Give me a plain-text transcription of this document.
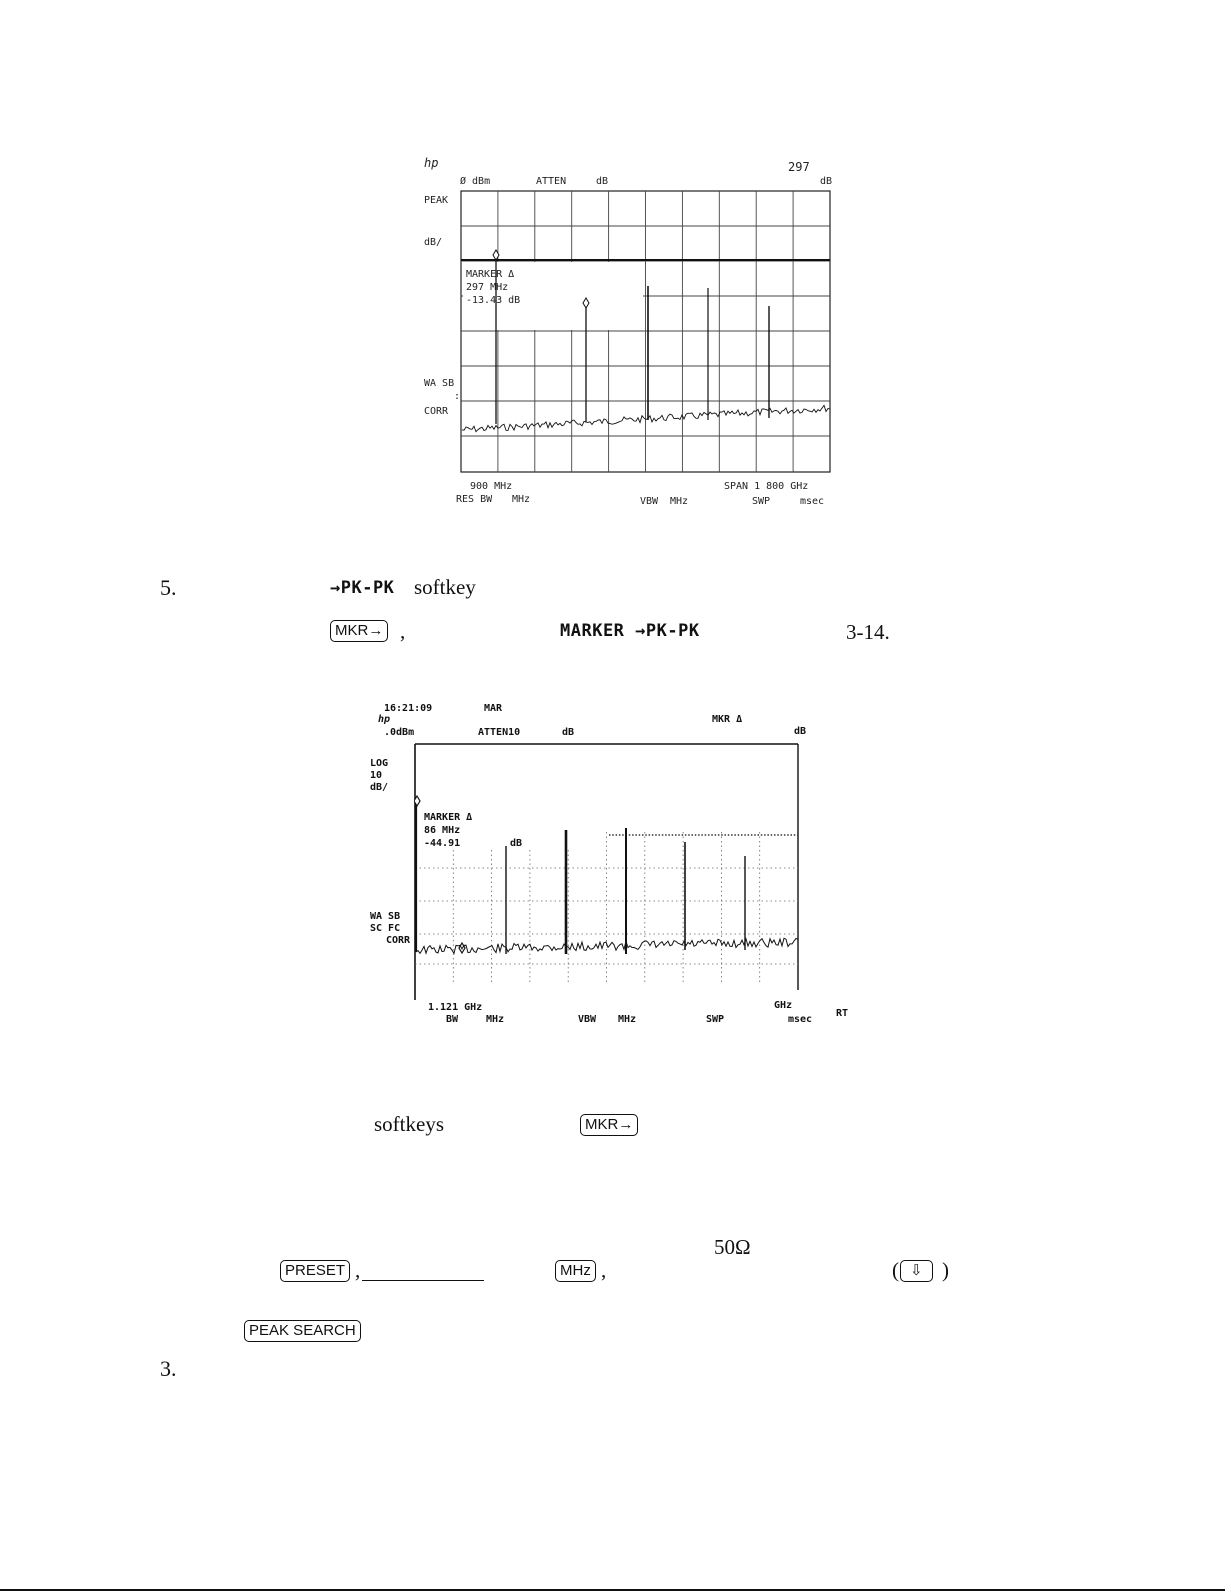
hp	297
Ø dBm	ATTEN	dB	dB
PEAK
dB/
WA SB
:
CORR
MARKER Δ
297 MHz
-13.43 dB
900 MHz	SPAN 1 800 GHz
RES BW MHz	VBW MHz	SWP	msec
5.	→PK-PK softkey
MKR→ ,	MARKER →PK-PK	3-14.
16:21:09	MAR
hp	MKR Δ
dB
.0dBm	ATTEN10	dB
LOG
10
dB/
WA SB
SC FC
CORR
MARKER Δ
86 MHz
-44.91	dB
1.121 GHz	GHz
BW	MHz	VBW MHz	SWP	msec
RT
softkeys	MKR→
50Ω
PRESET ,	MHz ,	( ⇩ )
PEAK SEARCH
3.
